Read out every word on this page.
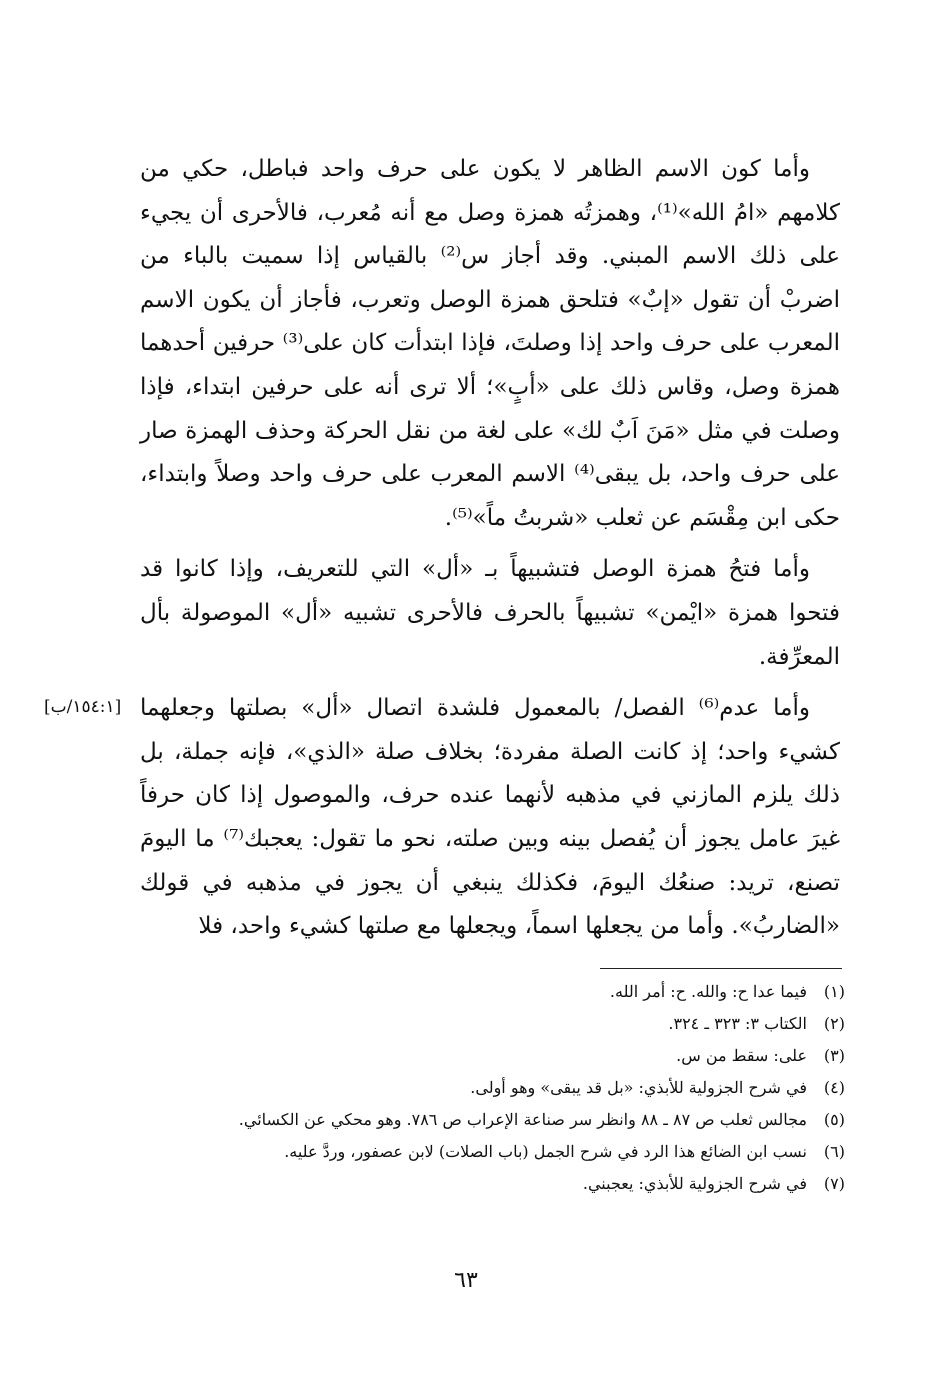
وأما كون الاسم الظاهر لا يكون على حرف واحد فباطل، حكي من كلامهم «امُ الله»⁽¹⁾، وهمزتُه همزة وصل مع أنه مُعرب، فالأحرى أن يجيء على ذلك الاسم المبني. وقد أجاز س⁽²⁾ بالقياس إذا سميت بالباء من اضربْ أن تقول «إبٌ» فتلحق همزة الوصل وتعرب، فأجاز أن يكون الاسم المعرب على حرف واحد إذا وصلتَ، فإذا ابتدأت كان على⁽³⁾ حرفين أحدهما همزة وصل، وقاس ذلك على «أبٍ»؛ ألا ترى أنه على حرفين ابتداء، فإذا وصلت في مثل «مَنَ اَبٌ لك» على لغة من نقل الحركة وحذف الهمزة صار على حرف واحد، بل يبقى⁽⁴⁾ الاسم المعرب على حرف واحد وصلاً وابتداء، حكى ابن مِقْسَم عن ثعلب «شربتُ ماً»⁽⁵⁾.

وأما فتحُ همزة الوصل فتشبيهاً بـ «أل» التي للتعريف، وإذا كانوا قد فتحوا همزة «ايْمن» تشبيهاً بالحرف فالأحرى تشبيه «أل» الموصولة بأل المعرِّفة.

وأما عدم⁽⁶⁾ الفصل/ بالمعمول فلشدة اتصال «أل» بصلتها وجعلهما كشيء واحد؛ إذ كانت الصلة مفردة؛ بخلاف صلة «الذي»، فإنه جملة، بل ذلك يلزم المازني في مذهبه لأنهما عنده حرف، والموصول إذا كان حرفاً غيرَ عامل يجوز أن يُفصل بينه وبين صلته، نحو ما تقول: يعجبك⁽⁷⁾ ما اليومَ تصنع، تريد: صنعُك اليومَ، فكذلك ينبغي أن يجوز في مذهبه في قولك «الضاربُ». وأما من يجعلها اسماً، ويجعلها مع صلتها كشيء واحد، فلا

[١٥٤:١/ب]
(١)
فيما عدا ح: والله. ح: أمر الله.
(٢)
الكتاب ٣: ٣٢٣ ـ ٣٢٤.
(٣)
على: سقط من س.
(٤)
في شرح الجزولية للأبذي: «بل قد يبقى» وهو أولى.
(٥)
مجالس ثعلب ص ٨٧ ـ ٨٨ وانظر سر صناعة الإعراب ص ٧٨٦. وهو محكي عن الكسائي.
(٦)
نسب ابن الضائع هذا الرد في شرح الجمل (باب الصلات) لابن عصفور، وردَّ عليه.
(٧)
في شرح الجزولية للأبذي: يعجبني.
٦٣
